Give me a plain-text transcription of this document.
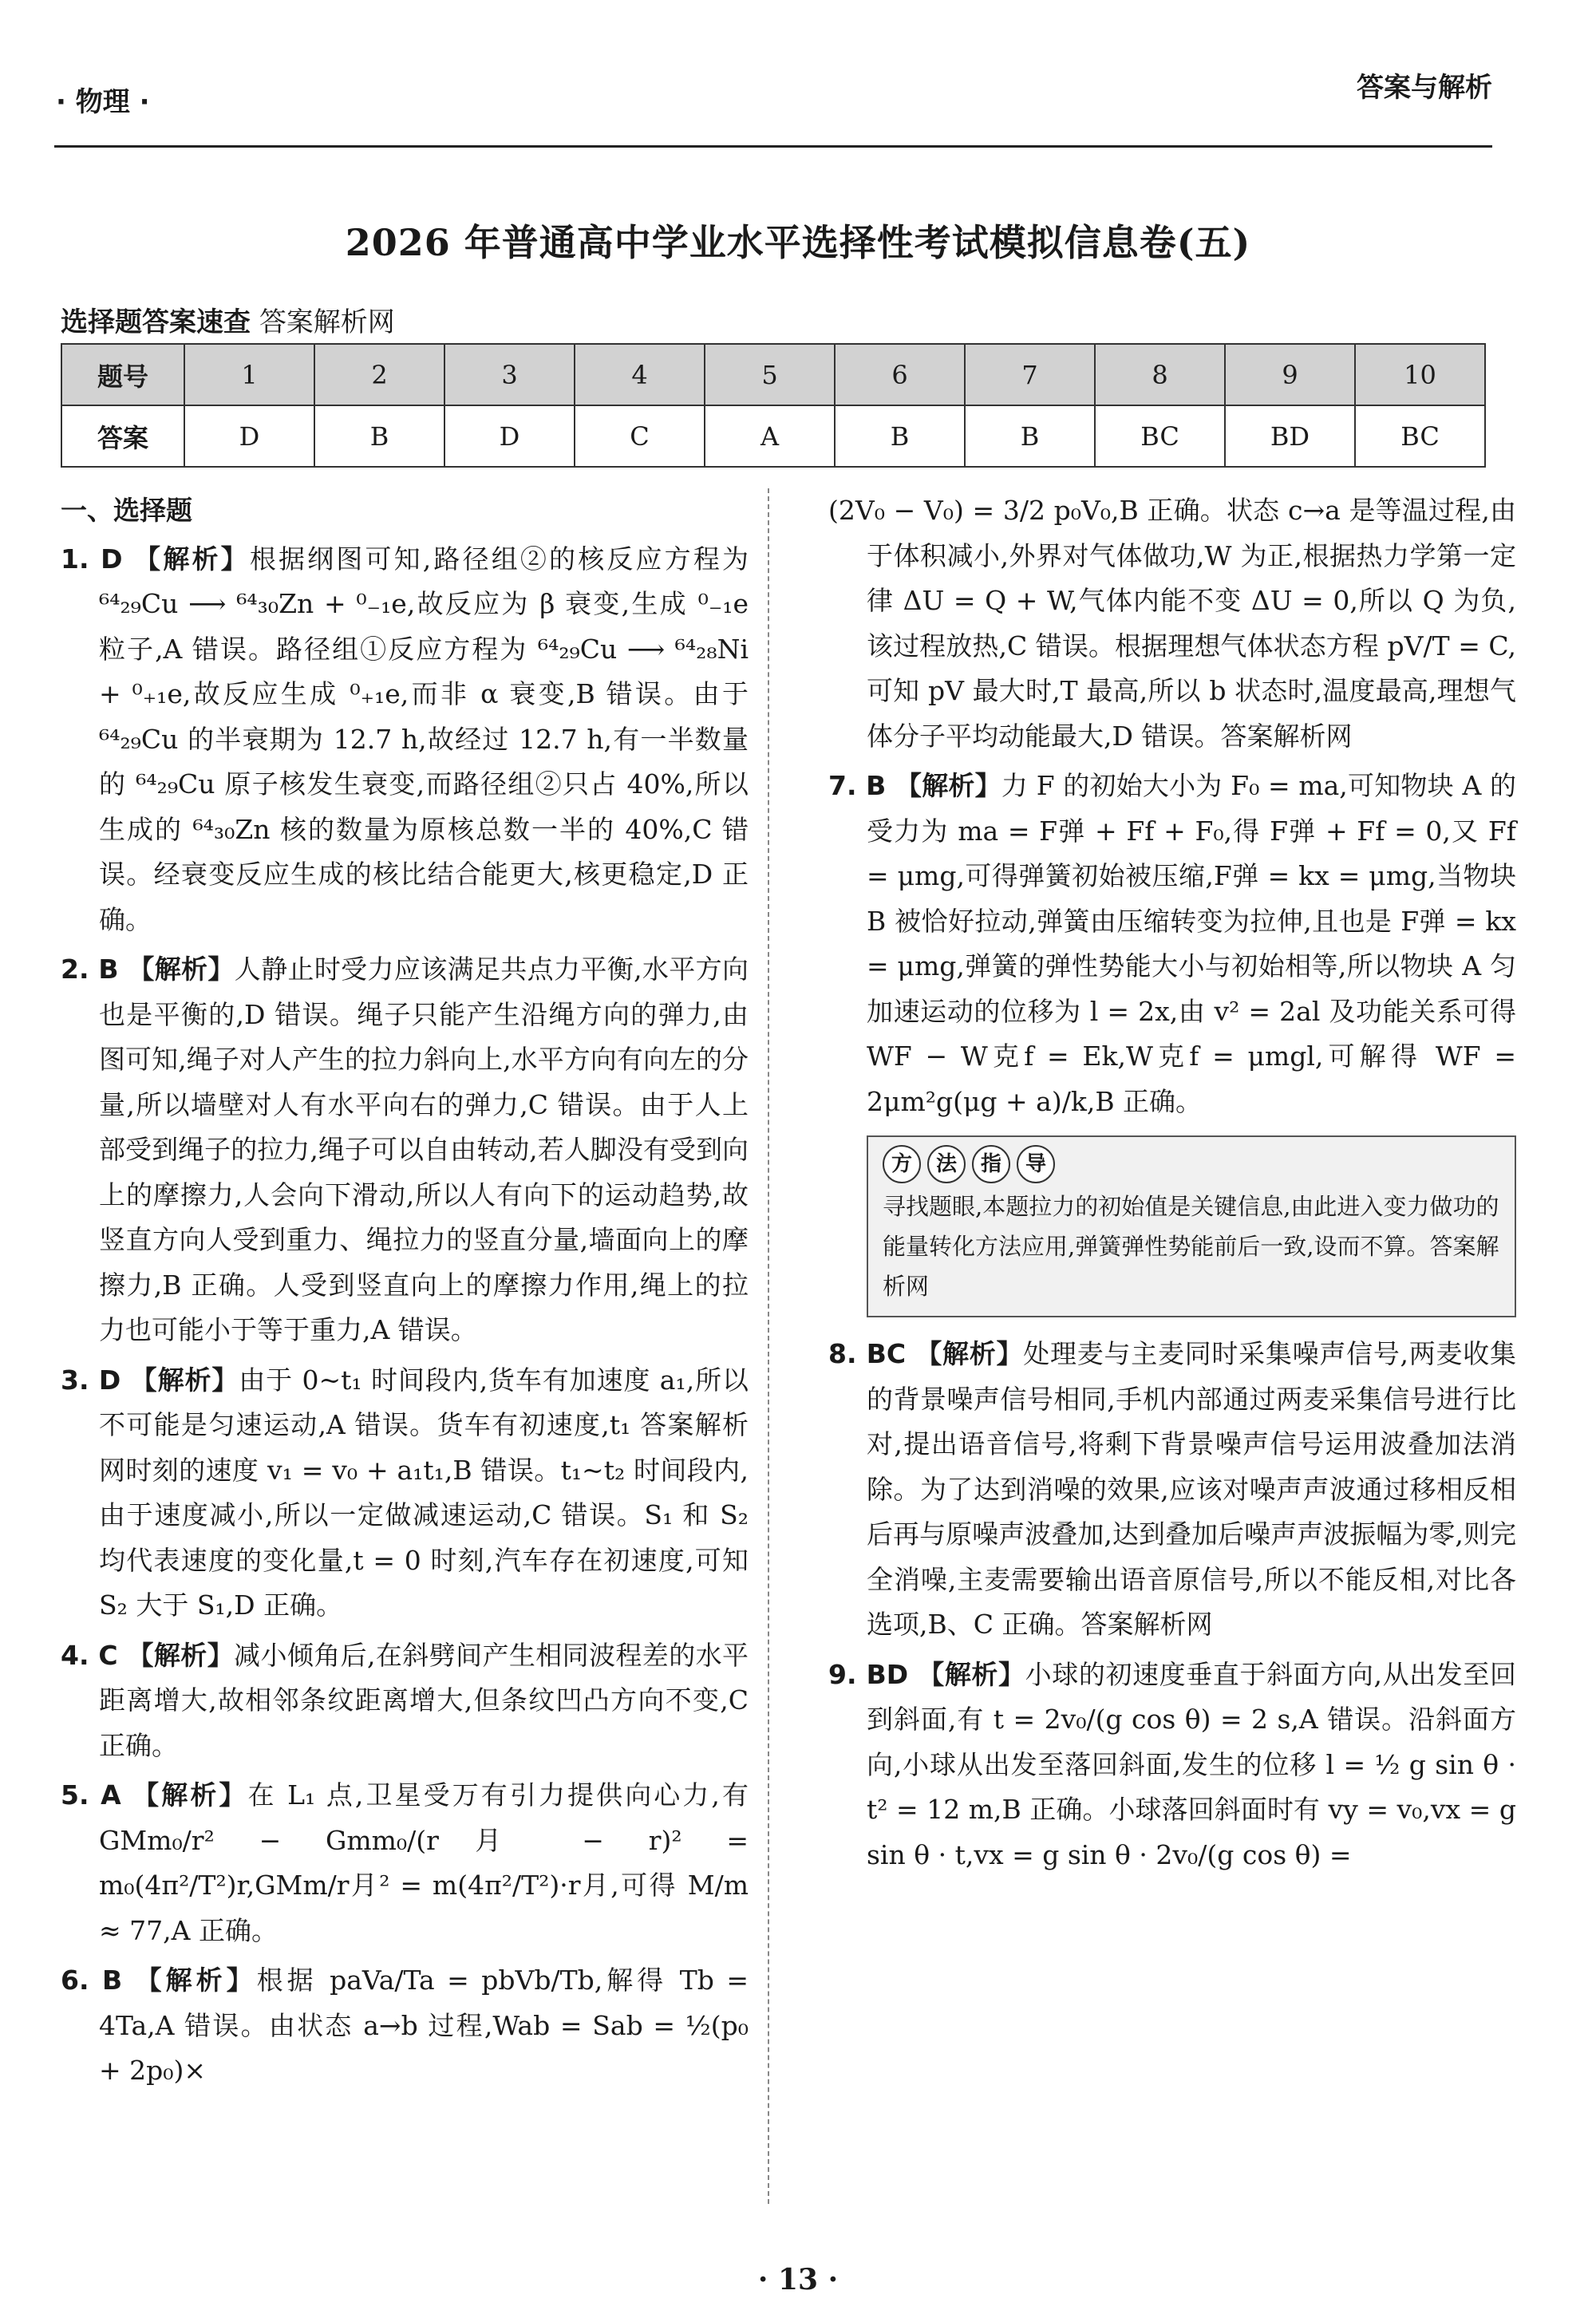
· 物理 ·	答案与解析
2026 年普通高中学业水平选择性考试模拟信息卷(五)
选择题答案速查 答案解析网
题号	1	2	3	4	5	6	7	8	9	10
答案	D	B	D	C	A	B	B	BC	BD	BC
一、选择题
1. D 【解析】根据纲图可知,路径组②的核反应方程为⁶⁴₂₉Cu ⟶ ⁶⁴₃₀Zn + ⁰₋₁e,故反应为 β 衰变,生成 ⁰₋₁e 粒子,A 错误。路径组①反应方程为 ⁶⁴₂₉Cu ⟶ ⁶⁴₂₈Ni + ⁰₊₁e,故反应生成 ⁰₊₁e,而非 α 衰变,B 错误。由于 ⁶⁴₂₉Cu 的半衰期为 12.7 h,故经过 12.7 h,有一半数量的 ⁶⁴₂₉Cu 原子核发生衰变,而路径组②只占 40%,所以生成的 ⁶⁴₃₀Zn 核的数量为原核总数一半的 40%,C 错误。经衰变反应生成的核比结合能更大,核更稳定,D 正确。
2. B 【解析】人静止时受力应该满足共点力平衡,水平方向也是平衡的,D 错误。绳子只能产生沿绳方向的弹力,由图可知,绳子对人产生的拉力斜向上,水平方向有向左的分量,所以墙壁对人有水平向右的弹力,C 错误。由于人上部受到绳子的拉力,绳子可以自由转动,若人脚没有受到向上的摩擦力,人会向下滑动,所以人有向下的运动趋势,故竖直方向人受到重力、绳拉力的竖直分量,墙面向上的摩擦力,B 正确。人受到竖直向上的摩擦力作用,绳上的拉力也可能小于等于重力,A 错误。
3. D 【解析】由于 0~t₁ 时间段内,货车有加速度 a₁,所以不可能是匀速运动,A 错误。货车有初速度,t₁ 答案解析网时刻的速度 v₁ = v₀ + a₁t₁,B 错误。t₁~t₂ 时间段内,由于速度减小,所以一定做减速运动,C 错误。S₁ 和 S₂ 均代表速度的变化量,t = 0 时刻,汽车存在初速度,可知 S₂ 大于 S₁,D 正确。
4. C 【解析】减小倾角后,在斜劈间产生相同波程差的水平距离增大,故相邻条纹距离增大,但条纹凹凸方向不变,C 正确。
5. A 【解析】在 L₁ 点,卫星受万有引力提供向心力,有 GMm₀/r² − Gmm₀/(r月 − r)² = m₀(4π²/T²)r,GMm/r月² = m(4π²/T²)·r月,可得 M/m ≈ 77,A 正确。
6. B 【解析】根据 paVa/Ta = pbVb/Tb,解得 Tb = 4Ta,A 错误。由状态 a→b 过程,Wab = Sab = ½(p₀ + 2p₀)×
(2V₀ − V₀) = 3/2 p₀V₀,B 正确。状态 c→a 是等温过程,由于体积减小,外界对气体做功,W 为正,根据热力学第一定律 ΔU = Q + W,气体内能不变 ΔU = 0,所以 Q 为负,该过程放热,C 错误。根据理想气体状态方程 pV/T = C,可知 pV 最大时,T 最高,所以 b 状态时,温度最高,理想气体分子平均动能最大,D 错误。答案解析网
7. B 【解析】力 F 的初始大小为 F₀ = ma,可知物块 A 的受力为 ma = F弹 + Ff + F₀,得 F弹 + Ff = 0,又 Ff = μmg,可得弹簧初始被压缩,F弹 = kx = μmg,当物块 B 被恰好拉动,弹簧由压缩转变为拉伸,且也是 F弹 = kx = μmg,弹簧的弹性势能大小与初始相等,所以物块 A 匀加速运动的位移为 l = 2x,由 v² = 2al 及功能关系可得 WF − W克f = Ek,W克f = μmgl,可解得 WF = 2μm²g(μg + a)/k,B 正确。
方	法	指	导
寻找题眼,本题拉力的初始值是关键信息,由此进入变力做功的能量转化方法应用,弹簧弹性势能前后一致,设而不算。答案解析网
8. BC 【解析】处理麦与主麦同时采集噪声信号,两麦收集的背景噪声信号相同,手机内部通过两麦采集信号进行比对,提出语音信号,将剩下背景噪声信号运用波叠加法消除。为了达到消噪的效果,应该对噪声声波通过移相反相后再与原噪声波叠加,达到叠加后噪声声波振幅为零,则完全消噪,主麦需要输出语音原信号,所以不能反相,对比各选项,B、C 正确。答案解析网
9. BD 【解析】小球的初速度垂直于斜面方向,从出发至回到斜面,有 t = 2v₀/(g cos θ) = 2 s,A 错误。沿斜面方向,小球从出发至落回斜面,发生的位移 l = ½ g sin θ · t² = 12 m,B 正确。小球落回斜面时有 vy = v₀,vx = g sin θ · t,vx = g sin θ · 2v₀/(g cos θ) =
· 13 ·
